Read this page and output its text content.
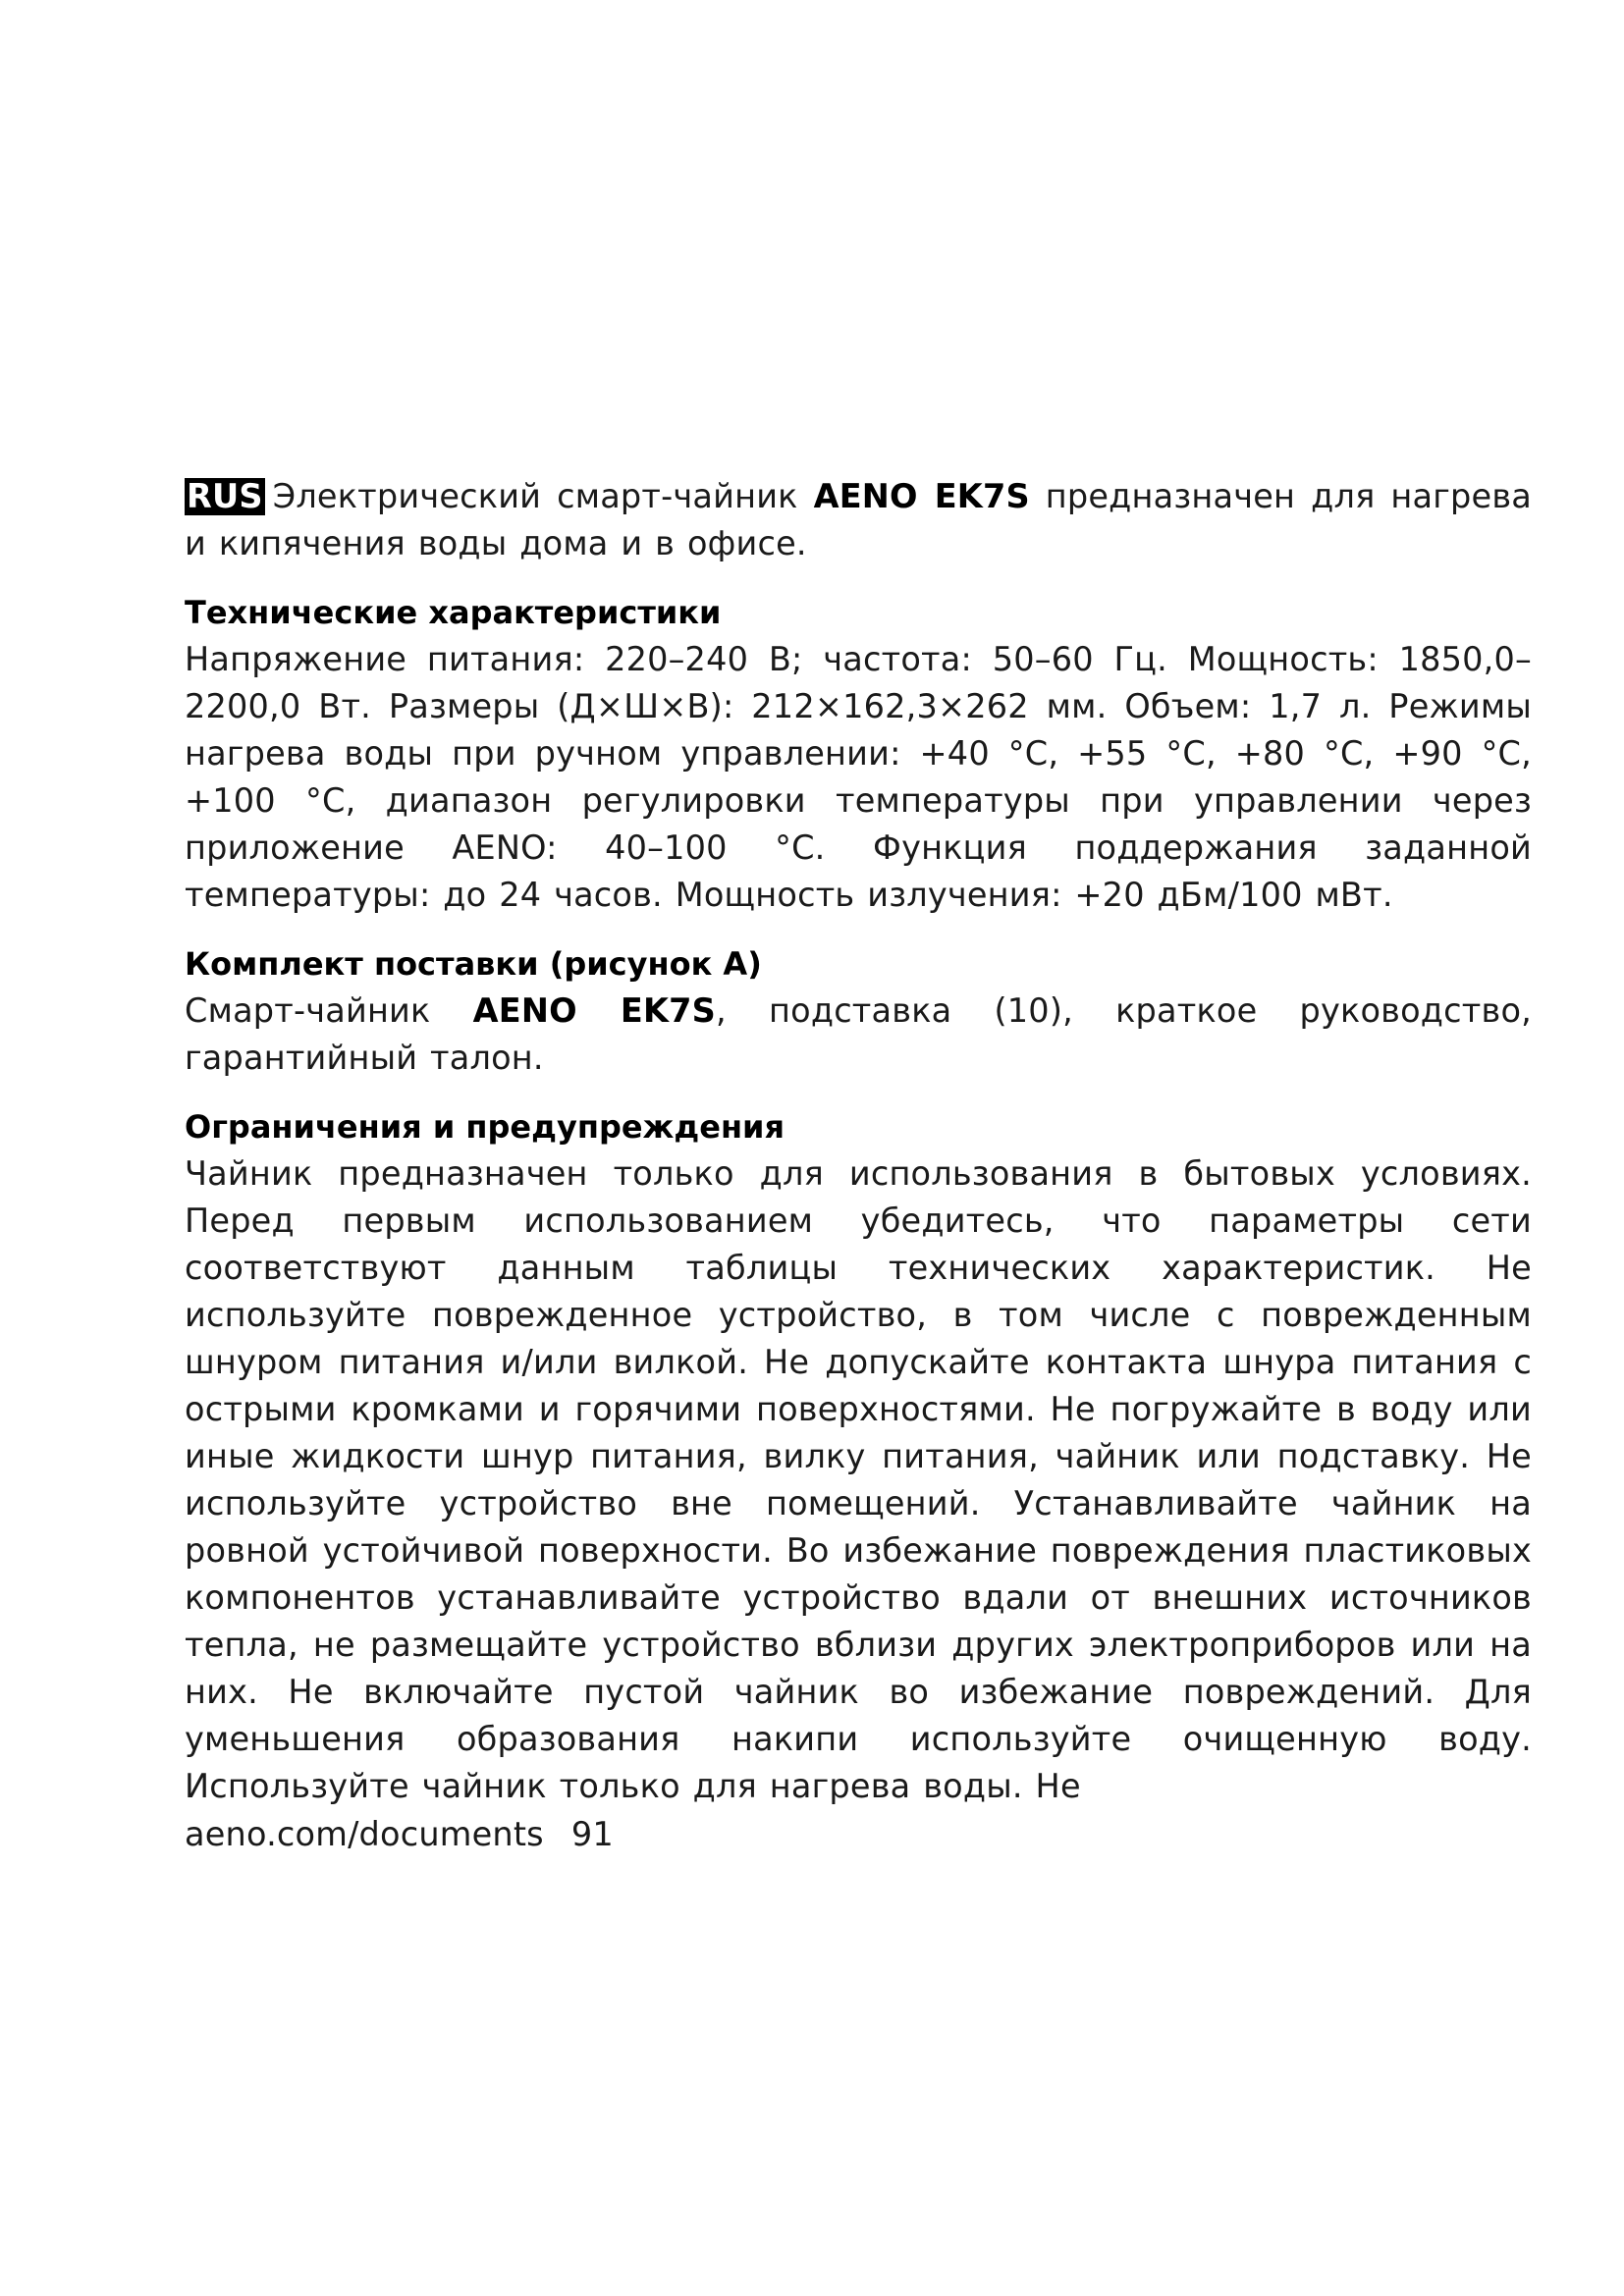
RUS Электрический смарт-чайник AENO EK7S предназначен для нагрева и кипячения воды дома и в офисе.

Технические характеристики

Напряжение питания: 220–240 В; частота: 50–60 Гц. Мощность: 1850,0–2200,0 Вт. Размеры (Д×Ш×В): 212×162,3×262 мм. Объем: 1,7 л. Режимы нагрева воды при ручном управлении: +40 °С, +55 °С, +80 °С, +90 °С, +100 °С, диапазон регулировки температуры при управлении через приложение AENO: 40–100 °С. Функция поддержания заданной температуры: до 24 часов. Мощность излучения: +20 дБм/100 мВт.

Комплект поставки (рисунок А)

Смарт-чайник AENO EK7S, подставка (10), краткое руководство, гарантийный талон.

Ограничения и предупреждения

Чайник предназначен только для использования в бытовых условиях. Перед первым использованием убедитесь, что параметры сети соответствуют данным таблицы технических характеристик. Не используйте поврежденное устройство, в том числе с поврежденным шнуром питания и/или вилкой. Не допускайте контакта шнура питания с острыми кромками и горячими поверхностями. Не погружайте в воду или иные жидкости шнур питания, вилку питания, чайник или подставку. Не используйте устройство вне помещений. Устанавливайте чайник на ровной устойчивой поверхности. Во избежание повреждения пластиковых компонентов устанавливайте устройство вдали от внешних источников тепла, не размещайте устройство вблизи других электроприборов или на них. Не включайте пустой чайник во избежание повреждений. Для уменьшения образования накипи используйте очищенную воду. Используйте чайник только для нагрева воды. Не

aeno.com/documents 91
